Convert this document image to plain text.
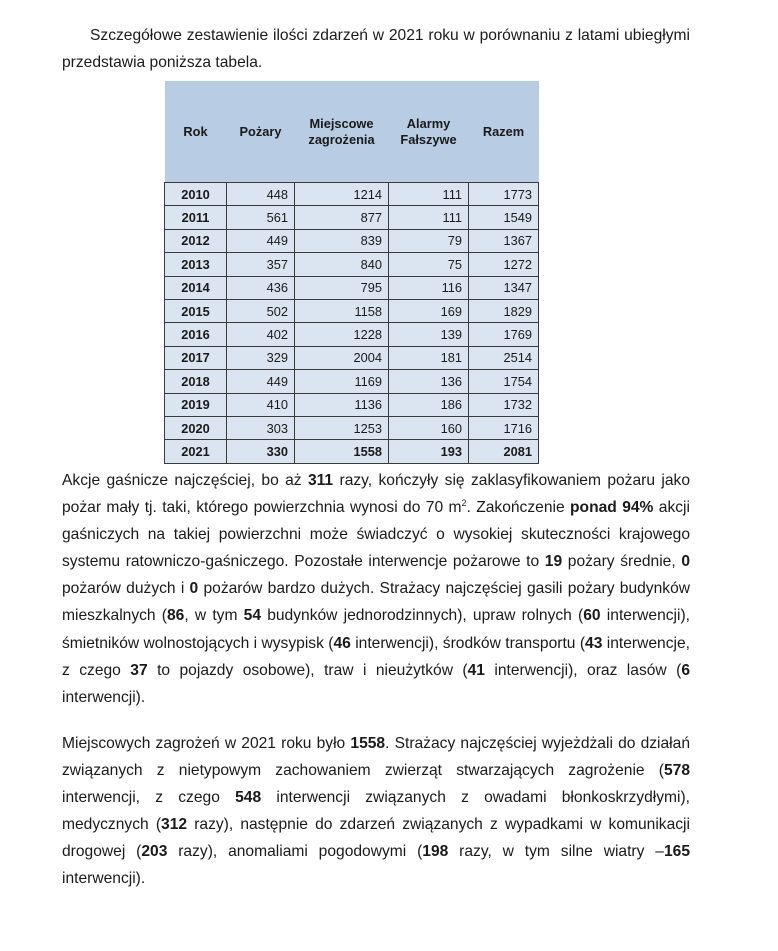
Szczegółowe zestawienie ilości zdarzeń w 2021 roku w porównaniu z latami ubiegłymi przedstawia poniższa tabela.
Rok	Pożary	Miejscowe zagrożenia	Alarmy Fałszywe	Razem
2010	448	1214	111	1773
2011	561	877	111	1549
2012	449	839	79	1367
2013	357	840	75	1272
2014	436	795	116	1347
2015	502	1158	169	1829
2016	402	1228	139	1769
2017	329	2004	181	2514
2018	449	1169	136	1754
2019	410	1136	186	1732
2020	303	1253	160	1716
2021	330	1558	193	2081
Akcje gaśnicze najczęściej, bo aż 311 razy, kończyły się zaklasyfikowaniem pożaru jako pożar mały tj. taki, którego powierzchnia wynosi do 70 $m^2$. Zakończenie ponad 94% akcji gaśniczych na takiej powierzchni może świadczyć o wysokiej skuteczności krajowego systemu ratowniczo-gaśniczego. Pozostałe interwencje pożarowe to 19 pożary średnie, 0 pożarów dużych i 0 pożarów bardzo dużych. Strażacy najczęściej gasili pożary budynków mieszkalnych (86, w tym 54 budynków jednorodzinnych), upraw rolnych (60 interwencji), śmietników wolnostojących i wysypisk (46 interwencji), środków transportu (43 interwencje, z czego 37 to pojazdy osobowe), traw i nieużytków (41 interwencji), oraz lasów (6 interwencji).
Miejscowych zagrożeń w 2021 roku było 1558. Strażacy najczęściej wyjeżdżali do działań związanych z nietypowym zachowaniem zwierząt stwarzających zagrożenie (578 interwencji, z czego 548 interwencji związanych z owadami błonkoskrzydłymi), medycznych (312 razy), następnie do zdarzeń związanych z wypadkami w komunikacji drogowej (203 razy), anomaliami pogodowymi (198 razy, w tym silne wiatry –165 interwencji).
